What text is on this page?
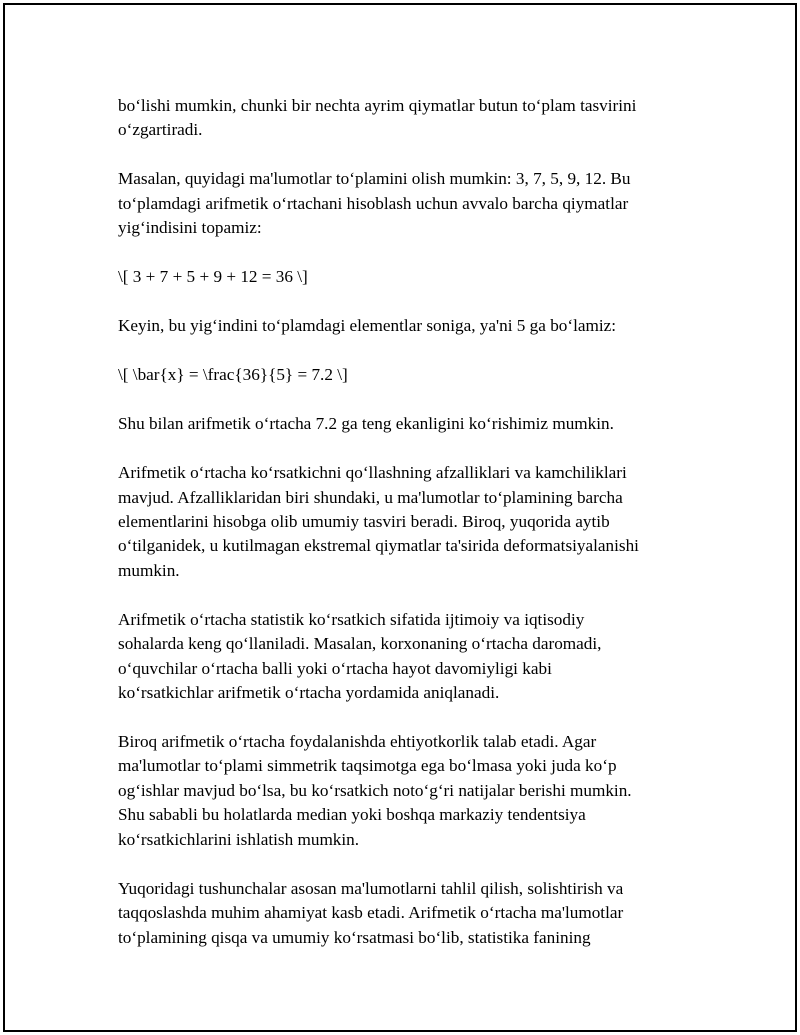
bo‘lishi mumkin, chunki bir nechta ayrim qiymatlar butun to‘plam tasvirini
o‘zgartiradi.

Masalan, quyidagi ma'lumotlar to‘plamini olish mumkin: 3, 7, 5, 9, 12. Bu
to‘plamdagi arifmetik o‘rtachani hisoblash uchun avvalo barcha qiymatlar
yig‘indisini topamiz:

\[ 3 + 7 + 5 + 9 + 12 = 36 \]

Keyin, bu yig‘indini to‘plamdagi elementlar soniga, ya'ni 5 ga bo‘lamiz:

\[ \bar{x} = \frac{36}{5} = 7.2 \]

Shu bilan arifmetik o‘rtacha 7.2 ga teng ekanligini ko‘rishimiz mumkin.

Arifmetik o‘rtacha ko‘rsatkichni qo‘llashning afzalliklari va kamchiliklari
mavjud. Afzalliklaridan biri shundaki, u ma'lumotlar to‘plamining barcha
elementlarini hisobga olib umumiy tasviri beradi. Biroq, yuqorida aytib
o‘tilganidek, u kutilmagan ekstremal qiymatlar ta'sirida deformatsiyalanishi
mumkin.

Arifmetik o‘rtacha statistik ko‘rsatkich sifatida ijtimoiy va iqtisodiy
sohalarda keng qo‘llaniladi. Masalan, korxonaning o‘rtacha daromadi,
o‘quvchilar o‘rtacha balli yoki o‘rtacha hayot davomiyligi kabi
ko‘rsatkichlar arifmetik o‘rtacha yordamida aniqlanadi.

Biroq arifmetik o‘rtacha foydalanishda ehtiyotkorlik talab etadi. Agar
ma'lumotlar to‘plami simmetrik taqsimotga ega bo‘lmasa yoki juda ko‘p
og‘ishlar mavjud bo‘lsa, bu ko‘rsatkich noto‘g‘ri natijalar berishi mumkin.
Shu sababli bu holatlarda median yoki boshqa markaziy tendentsiya
ko‘rsatkichlarini ishlatish mumkin.

Yuqoridagi tushunchalar asosan ma'lumotlarni tahlil qilish, solishtirish va
taqqoslashda muhim ahamiyat kasb etadi. Arifmetik o‘rtacha ma'lumotlar
to‘plamining qisqa va umumiy ko‘rsatmasi bo‘lib, statistika fanining
